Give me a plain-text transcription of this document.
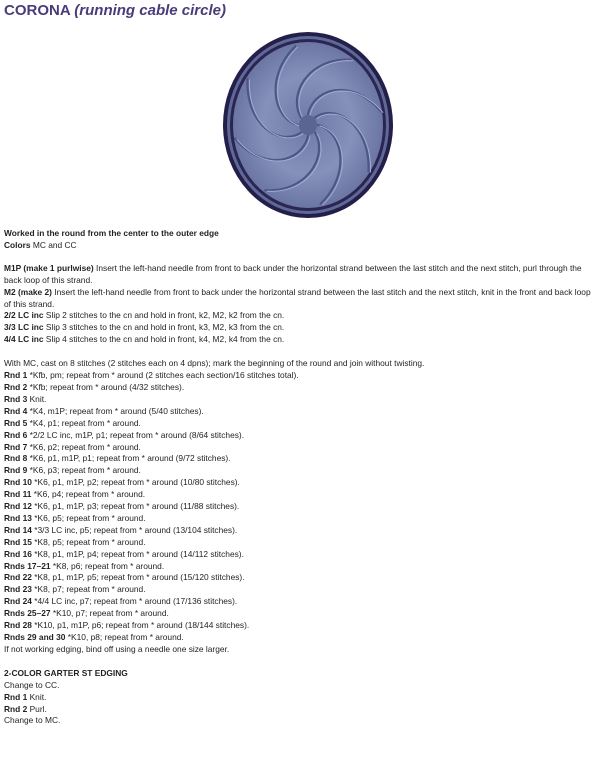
CORONA (running cable circle)

Worked in the round from the center to the outer edge

Colors MC and CC

M1P (make 1 purlwise) Insert the left-hand needle from front to back under the horizontal strand between the last stitch and the next stitch, purl through the back loop of this strand.

M2 (make 2) Insert the left-hand needle from front to back under the horizontal strand between the last stitch and the next stitch, knit in the front and back loop of this strand.

2/2 LC inc Slip 2 stitches to the cn and hold in front, k2, M2, k2 from the cn.

3/3 LC inc Slip 3 stitches to the cn and hold in front, k3, M2, k3 from the cn.

4/4 LC inc Slip 4 stitches to the cn and hold in front, k4, M2, k4 from the cn.

With MC, cast on 8 stitches (2 stitches each on 4 dpns); mark the beginning of the round and join without twisting.

Rnd 1 *Kfb, pm; repeat from * around (2 stitches each section/16 stitches total).

Rnd 2 *Kfb; repeat from * around (4/32 stitches).

Rnd 3 Knit.

Rnd 4 *K4, m1P; repeat from * around (5/40 stitches).

Rnd 5 *K4, p1; repeat from * around.

Rnd 6 *2/2 LC inc, m1P, p1; repeat from * around (8/64 stitches).

Rnd 7 *K6, p2; repeat from * around.

Rnd 8 *K6, p1, m1P, p1; repeat from * around (9/72 stitches).

Rnd 9 *K6, p3; repeat from * around.

Rnd 10 *K6, p1, m1P, p2; repeat from * around (10/80 stitches).

Rnd 11 *K6, p4; repeat from * around.

Rnd 12 *K6, p1, m1P, p3; repeat from * around (11/88 stitches).

Rnd 13 *K6, p5; repeat from * around.

Rnd 14 *3/3 LC inc, p5; repeat from * around (13/104 stitches).

Rnd 15 *K8, p5; repeat from * around.

Rnd 16 *K8, p1, m1P, p4; repeat from * around (14/112 stitches).

Rnds 17–21 *K8, p6; repeat from * around.

Rnd 22 *K8, p1, m1P, p5; repeat from * around (15/120 stitches).

Rnd 23 *K8, p7; repeat from * around.

Rnd 24 *4/4 LC inc, p7; repeat from * around (17/136 stitches).

Rnds 25–27 *K10, p7; repeat from * around.

Rnd 28 *K10, p1, m1P, p6; repeat from * around (18/144 stitches).

Rnds 29 and 30 *K10, p8; repeat from * around.

If not working edging, bind off using a needle one size larger.

2-COLOR GARTER ST EDGING

Change to CC.

Rnd 1 Knit.

Rnd 2 Purl.

Change to MC.
